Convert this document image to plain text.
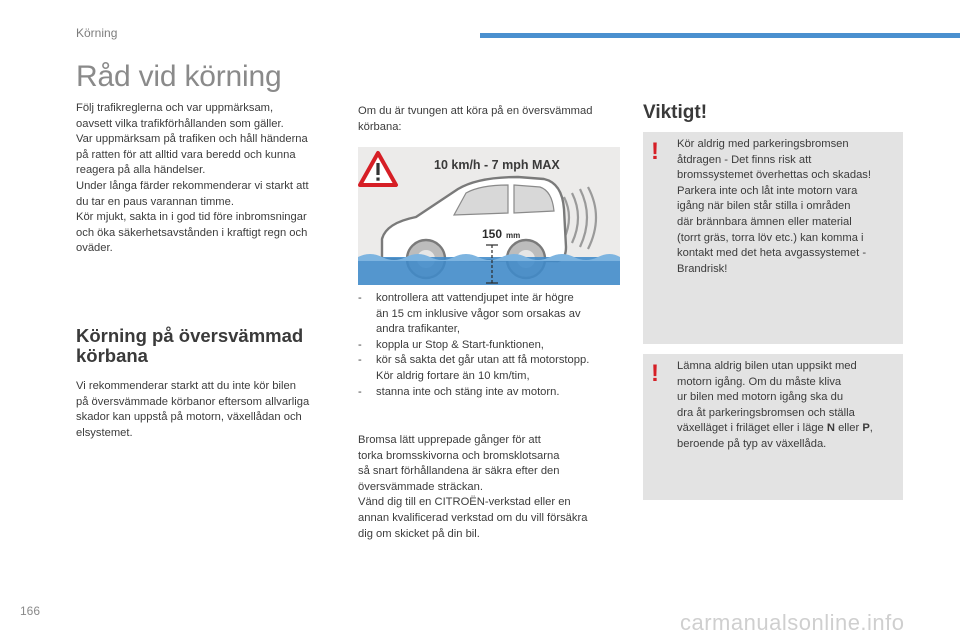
Körning
Råd vid körning
Följ trafikreglerna och var uppmärksam,
oavsett vilka trafikförhållanden som gäller.
Var uppmärksam på trafiken och håll händerna
på ratten för att alltid vara beredd och kunna
reagera på alla händelser.
Under långa färder rekommenderar vi starkt att
du tar en paus varannan timme.
Kör mjukt, sakta in i god tid före inbromsningar
och öka säkerhetsavstånden i kraftigt regn och
oväder.
Körning på översvämmad
körbana
Vi rekommenderar starkt att du inte kör bilen
på översvämmade körbanor eftersom allvarliga
skador kan uppstå på motorn, växellådan och
elsystemet.
Om du är tvungen att köra på en översvämmad
körbana:
10 km/h - 7 mph MAX
150 mm
- kontrollera att vattendjupet inte är högre
än 15 cm inklusive vågor som orsakas av
andra trafikanter,
- koppla ur Stop & Start-funktionen,
- kör så sakta det går utan att få motorstopp.
Kör aldrig fortare än 10 km/tim,
- stanna inte och stäng inte av motorn.
Bromsa lätt upprepade gånger för att
torka bromsskivorna och bromsklotsarna
så snart förhållandena är säkra efter den
översvämmade sträckan.
Vänd dig till en CITROËN-verkstad eller en
annan kvalificerad verkstad om du vill försäkra
dig om skicket på din bil.
Viktigt!
! Kör aldrig med parkeringsbromsen
åtdragen - Det finns risk att
bromssystemet överhettas och skadas!
Parkera inte och låt inte motorn vara
igång när bilen står stilla i områden
där brännbara ämnen eller material
(torrt gräs, torra löv etc.) kan komma i
kontakt med det heta avgassystemet -
Brandrisk!
! Lämna aldrig bilen utan uppsikt med
motorn igång. Om du måste kliva
ur bilen med motorn igång ska du
dra åt parkeringsbromsen och ställa
växelläget i friläget eller i läge N eller P,
beroende på typ av växellåda.
166	carmanualsonline.info
